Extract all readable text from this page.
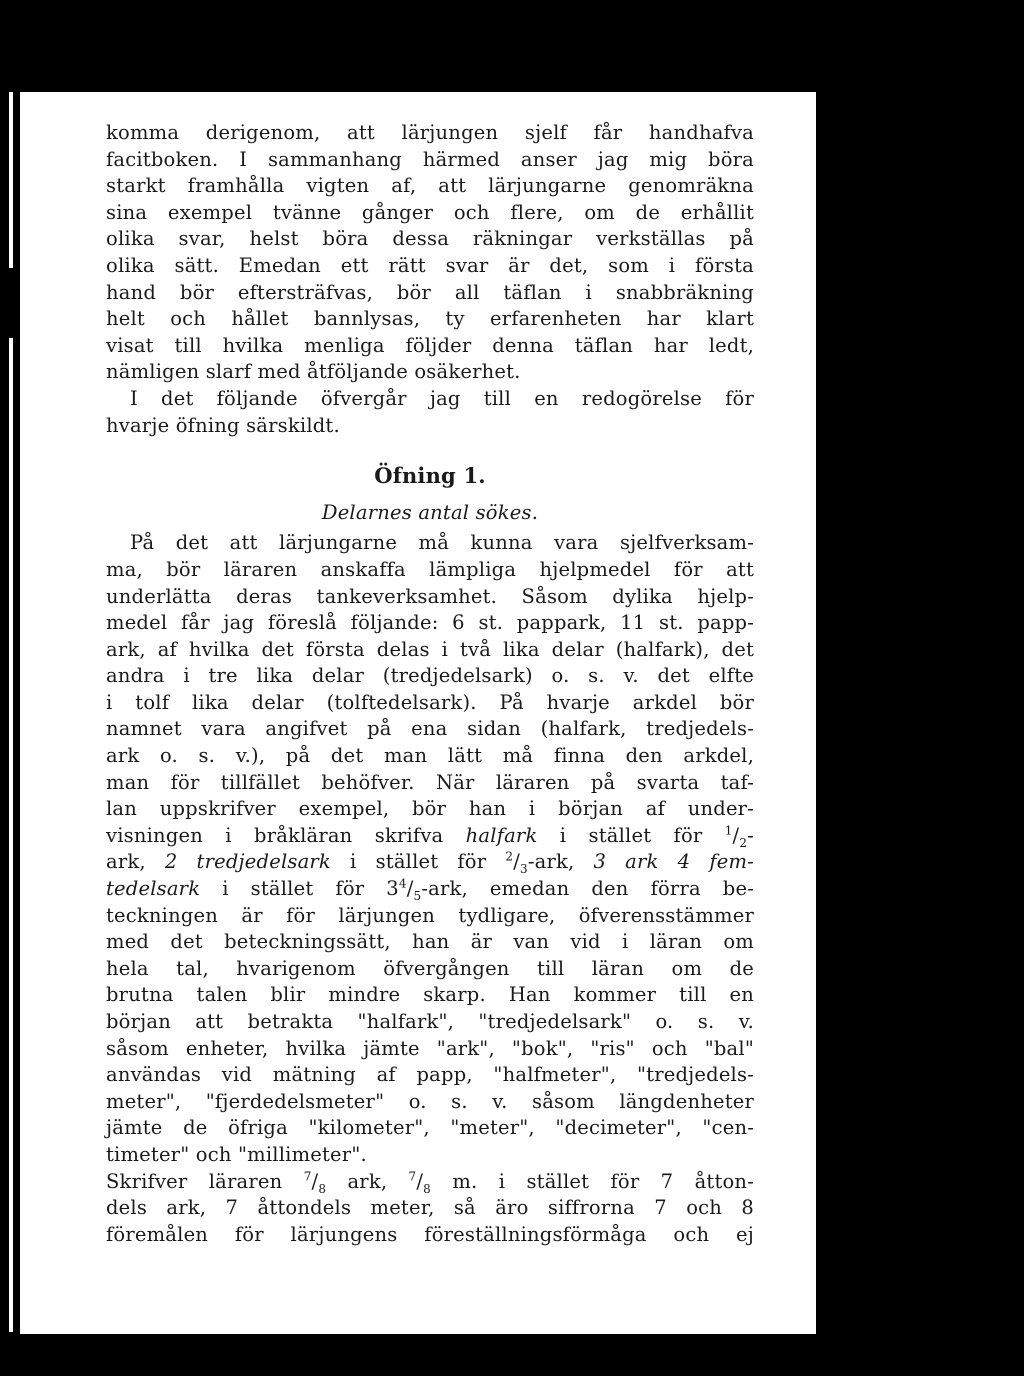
komma derigenom, att lärjungen sjelf får handhafva
facitboken. I sammanhang härmed anser jag mig böra
starkt framhålla vigten af, att lärjungarne genomräkna
sina exempel tvänne gånger och flere, om de erhållit
olika svar, helst böra dessa räkningar verkställas på
olika sätt. Emedan ett rätt svar är det, som i första
hand bör eftersträfvas, bör all täflan i snabbräkning
helt och hållet bannlysas, ty erfarenheten har klart
visat till hvilka menliga följder denna täflan har ledt,
nämligen slarf med åtföljande osäkerhet.
I det följande öfvergår jag till en redogörelse för
hvarje öfning särskildt.
Öfning 1.
Delarnes antal sökes.
På det att lärjungarne må kunna vara sjelfverksam-
ma, bör läraren anskaffa lämpliga hjelpmedel för att
underlätta deras tankeverksamhet. Såsom dylika hjelp-
medel får jag föreslå följande: 6 st. pappark, 11 st. papp-
ark, af hvilka det första delas i två lika delar (halfark), det
andra i tre lika delar (tredjedelsark) o. s. v. det elfte
i tolf lika delar (tolftedelsark). På hvarje arkdel bör
namnet vara angifvet på ena sidan (halfark, tredjedels-
ark o. s. v.), på det man lätt må finna den arkdel,
man för tillfället behöfver. När läraren på svarta taf-
lan uppskrifver exempel, bör han i början af under-
visningen i bråkläran skrifva halfark i stället för $^1/_2-$
ark, 2 tredjedelsark i stället för $^2/_3$-ark, 3 ark 4 fem-
tedelsark i stället för $3^4/_5$-ark, emedan den förra be-
teckningen är för lärjungen tydligare, öfverensstämmer
med det beteckningssätt, han är van vid i läran om
hela tal, hvarigenom öfvergången till läran om de
brutna talen blir mindre skarp. Han kommer till en
början att betrakta "halfark", "tredjedelsark" o. s. v.
såsom enheter, hvilka jämte "ark", "bok", "ris" och "bal"
användas vid mätning af papp, "halfmeter", "tredjedels-
meter", "fjerdedelsmeter" o. s. v. såsom längdenheter
jämte de öfriga "kilometer", "meter", "decimeter", "cen-
timeter" och "millimeter".
Skrifver läraren $^7/_8$ ark, $^7/_8$ m. i stället för 7 åtton-
dels ark, 7 åttondels meter, så äro siffrorna 7 och 8
föremålen för lärjungens föreställningsförmåga och ej
